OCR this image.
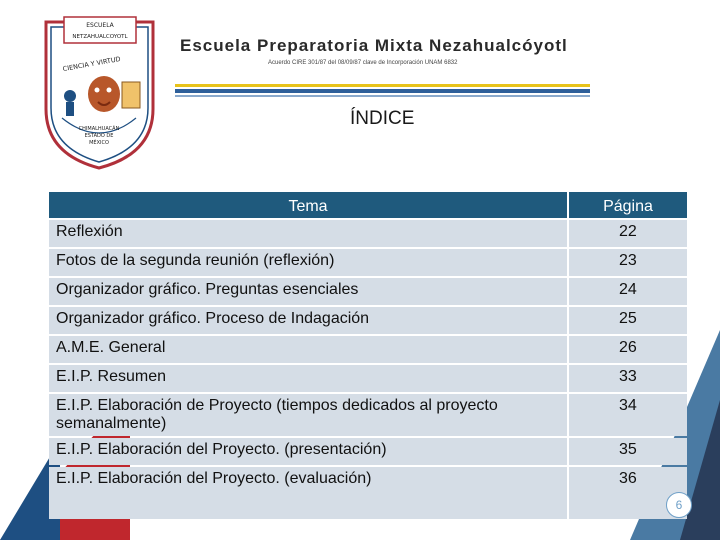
ESCUELA
NETZAHUALCOYOTL
CIENCIA Y VIRTUD
CHIMALHUACÁN
ESTADO DE
MÉXICO
Escuela Preparatoria Mixta Nezahualcóyotl
Acuerdo CIRE 301/87 del 08/09/87 clave de Incorporación UNAM 6832
ÍNDICE
Tema	Página
Reflexión	22
Fotos de la segunda reunión (reflexión)	23
Organizador gráfico. Preguntas esenciales	24
Organizador gráfico. Proceso de Indagación	25
A.M.E. General	26
E.I.P. Resumen	33
E.I.P. Elaboración de Proyecto (tiempos dedicados al proyecto semanalmente)	34
E.I.P. Elaboración del Proyecto. (presentación)	35
E.I.P. Elaboración del Proyecto. (evaluación)	36
6
